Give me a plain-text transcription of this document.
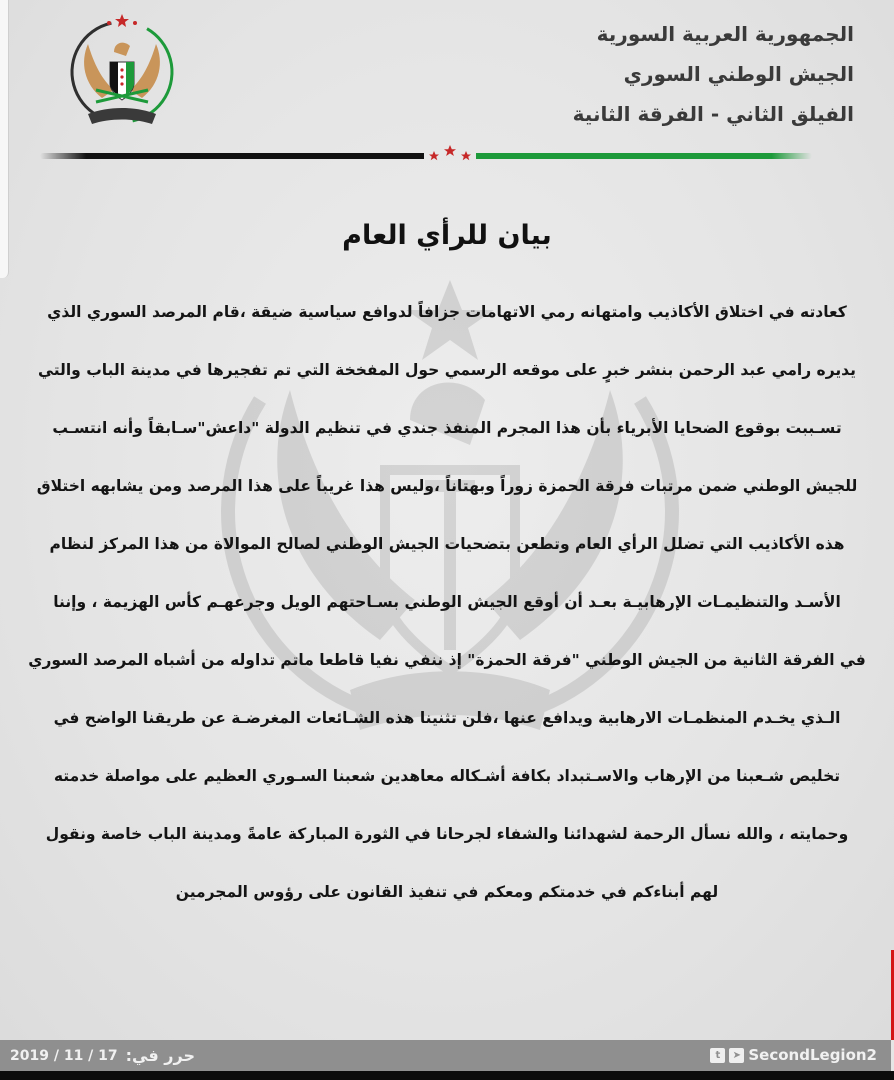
الجمهورية العربية السورية
الجيش الوطني السوري
الفيلق الثاني - الفرقة الثانية
بيان للرأي العام
كعادته في اختلاق الأكاذيب وامتهانه رمي الاتهامات جزافاً لدوافع سياسية ضيقة ،قام المرصد السوري الذي
يديره رامي عبد الرحمن بنشر خبرٍ على موقعه الرسمي حول المفخخة التي تم تفجيرها في مدينة الباب والتي
تسـببت بوقوع الضحايا الأبرياء بأن هذا المجرم المنفذ جندي في تنظيم الدولة "داعش"سـابقاً وأنه انتسـب
للجيش الوطني ضمن مرتبات فرقة الحمزة زوراً وبهتاناً ،وليس هذا غريباً على هذا المرصد ومن يشابهه اختلاق
هذه الأكاذيب التي تضلل الرأي العام وتطعن بتضحيات الجيش الوطني لصالح الموالاة من هذا المركز لنظام
الأسـد والتنظيمـات الإرهابيـة بعـد أن أوقع الجيش الوطني بسـاحتهم الويل وجرعهـم كأس الهزيمة ، وإننا
في الفرقة الثانية من الجيش الوطني "فرقة الحمزة" إذ ننفي نفيا قاطعا ماتم تداوله من أشباه المرصد السوري
الـذي يخـدم المنظمـات الارهابية ويدافع عنها ،فلن تثنينا هذه الشـائعات المغرضـة عن طريقنا الواضح في
تخليص شـعبنا من الإرهاب والاسـتبداد بكافة أشـكاله معاهدين شعبنا السـوري العظيم على مواصلة خدمته
وحمايته ، والله نسأل الرحمة لشهدائنا والشفاء لجرحانا في الثورة المباركة عامةً ومدينة الباب خاصة ونقول
لهم أبناءكم في خدمتكم ومعكم في تنفيذ القانون على رؤوس المجرمين
2019 / 11 / 17 حرر في:	t	➤ SecondLegion2
